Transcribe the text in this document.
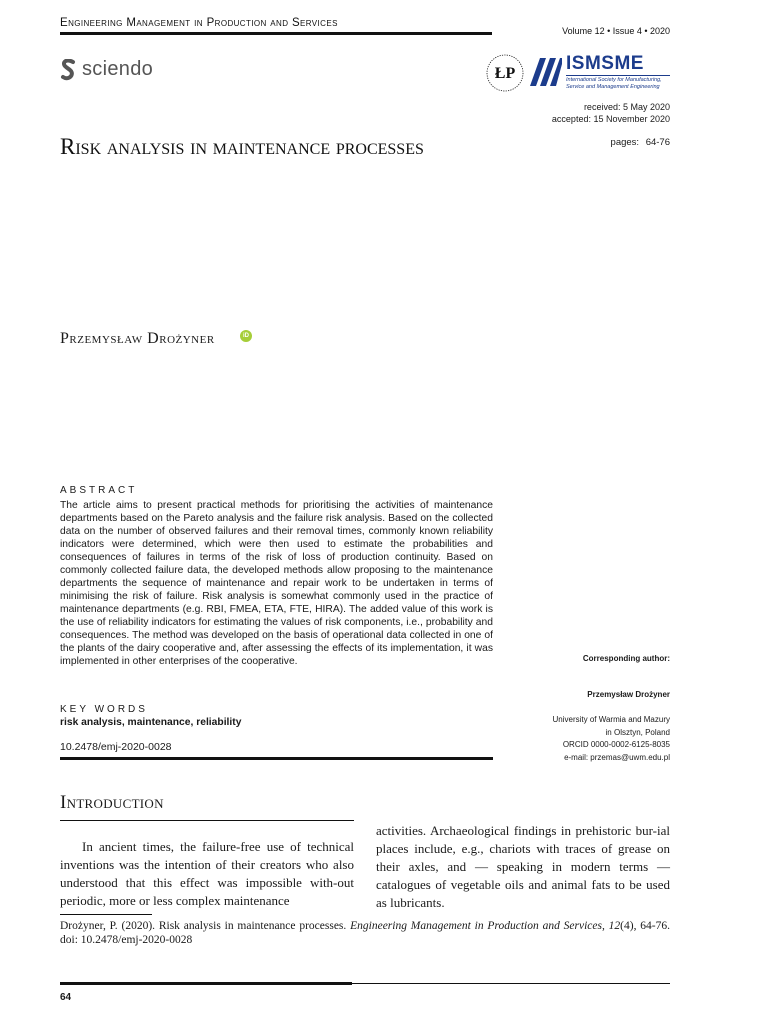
Engineering Management in Production and Services
Volume 12 • Issue 4 • 2020
sciendo	ŁP	ISMSME
International Society for Manufacturing,
Service and Management Engineering
received: 5 May 2020
accepted: 15 November 2020
pages: 64-76
Risk analysis in maintenance processes
Przemysław Drożyner	iD
ABSTRACT
The article aims to present practical methods for prioritising the activities of maintenance departments based on the Pareto analysis and the failure risk analysis. Based on the collected data on the number of observed failures and their removal times, commonly known reliability indicators were determined, which were then used to estimate the probabilities and consequences of failures in terms of the risk of loss of production continuity. Based on commonly collected failure data, the developed methods allow proposing to the maintenance departments the sequence of maintenance and repair work to be undertaken in terms of minimising the risk of failure. Risk analysis is somewhat commonly used in the practice of maintenance departments (e.g. RBI, FMEA, ETA, FTE, HIRA). The added value of this work is the use of reliability indicators for estimating the values of risk components, i.e., probability and consequences. The method was developed on the basis of operational data collected in one of the plants of the dairy cooperative and, after assessing the effects of its implementation, it was implemented in other enterprises of the cooperative.
KEY WORDS
risk analysis, maintenance, reliability
10.2478/emj-2020-0028
Corresponding author:
Przemysław Drożyner
University of Warmia and Mazury
in Olsztyn, Poland
ORCID 0000-0002-6125-8035
e-mail: przemas@uwm.edu.pl
Introduction
In ancient times, the failure-free use of technical inventions was the intention of their creators who also understood that this effect was impossible with-out periodic, more or less complex maintenance
activities. Archaeological findings in prehistoric bur-ial places include, e.g., chariots with traces of grease on their axles, and — speaking in modern terms — catalogues of vegetable oils and animal fats to be used as lubricants.
Drożyner, P. (2020). Risk analysis in maintenance processes. Engineering Management in Production and Services, 12(4), 64-76. doi: 10.2478/emj-2020-0028
64
